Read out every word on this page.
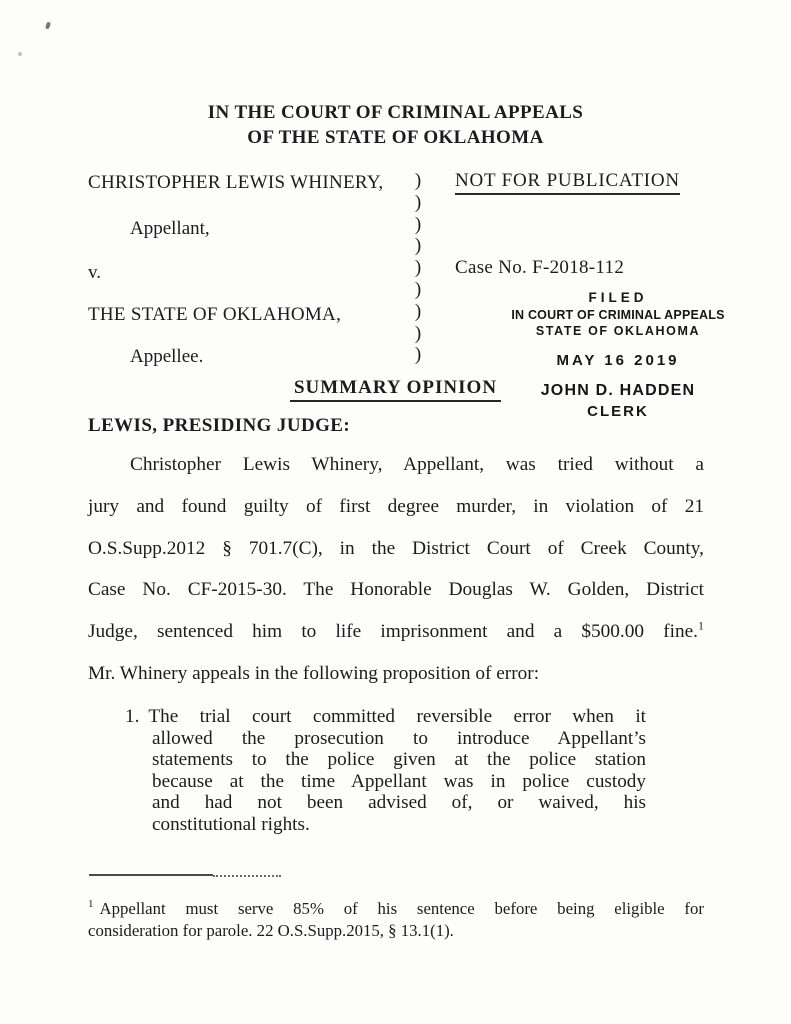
IN THE COURT OF CRIMINAL APPEALS
OF THE STATE OF OKLAHOMA
CHRISTOPHER LEWIS WHINERY,
Appellant,
v.
THE STATE OF OKLAHOMA,
Appellee.
)
)
)
)
)
)
)
)
)
NOT FOR PUBLICATION
Case No. F-2018-112
FILED
IN COURT OF CRIMINAL APPEALS
STATE OF OKLAHOMA
MAY 16 2019
JOHN D. HADDEN
CLERK
SUMMARY OPINION
LEWIS, PRESIDING JUDGE:
Christopher Lewis Whinery, Appellant, was tried without a
jury and found guilty of first degree murder, in violation of 21
O.S.Supp.2012 § 701.7(C), in the District Court of Creek County,
Case No. CF-2015-30. The Honorable Douglas W. Golden, District
Judge, sentenced him to life imprisonment and a $500.00 fine.$^1$
Mr. Whinery appeals in the following proposition of error:
1. The trial court committed reversible error when it
allowed the prosecution to introduce Appellant’s
statements to the police given at the police station
because at the time Appellant was in police custody
and had not been advised of, or waived, his
constitutional rights.
$^1$ Appellant must serve 85% of his sentence before being eligible for
consideration for parole. 22 O.S.Supp.2015, § 13.1(1).
